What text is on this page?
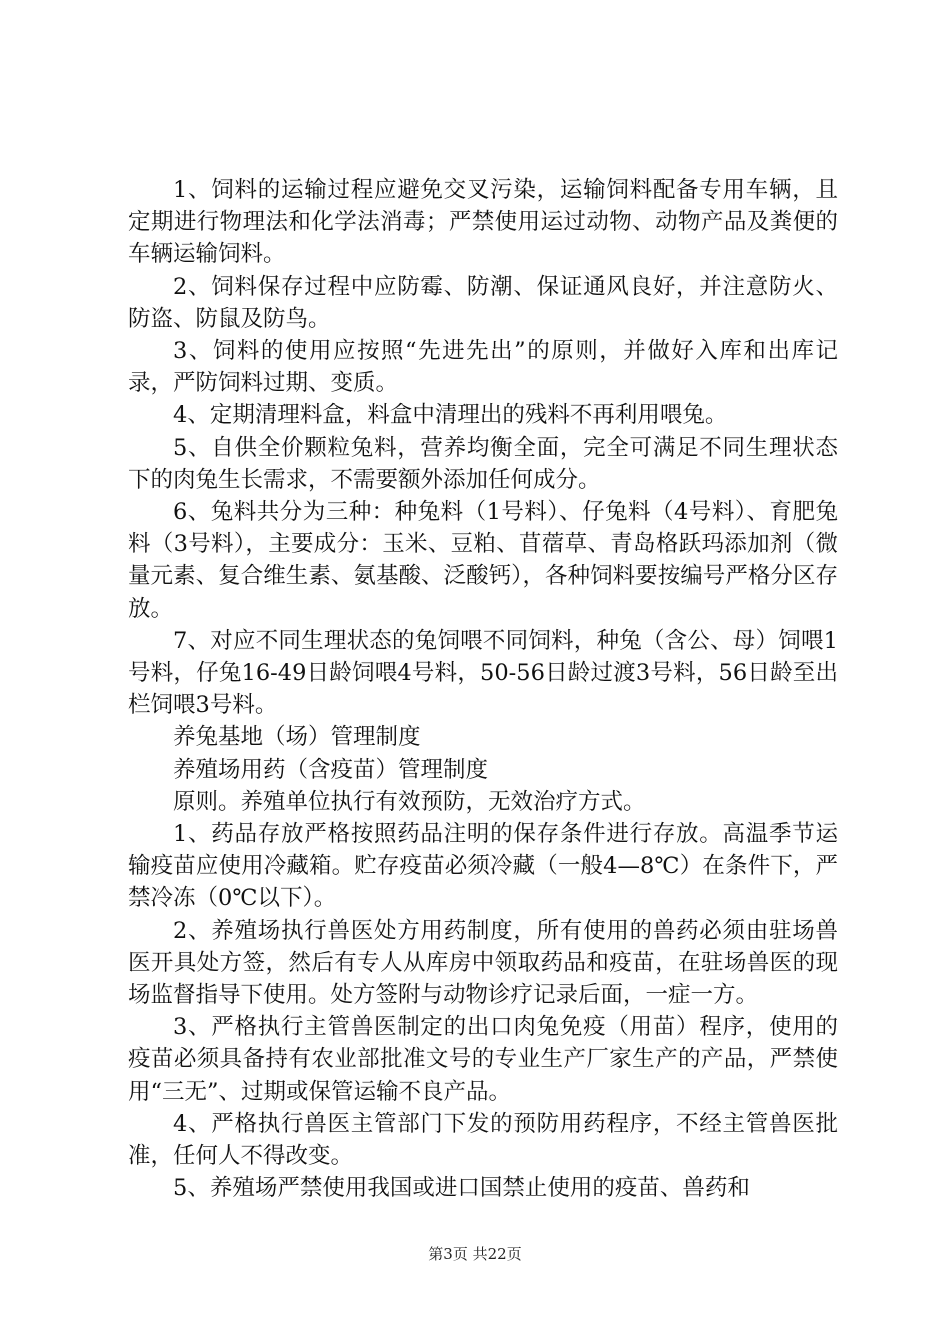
1、饲料的运输过程应避免交叉污染，运输饲料配备专用车辆，且定期进行物理法和化学法消毒；严禁使用运过动物、动物产品及粪便的车辆运输饲料。

2、饲料保存过程中应防霉、防潮、保证通风良好，并注意防火、防盗、防鼠及防鸟。

3、饲料的使用应按照“先进先出”的原则，并做好入库和出库记录，严防饲料过期、变质。

4、定期清理料盒，料盒中清理出的残料不再利用喂兔。

5、自供全价颗粒兔料，营养均衡全面，完全可满足不同生理状态下的肉兔生长需求，不需要额外添加任何成分。

6、兔料共分为三种：种兔料（1号料）、仔兔料（4号料）、育肥兔料（3号料），主要成分：玉米、豆粕、苜蓿草、青岛格跃玛添加剂（微量元素、复合维生素、氨基酸、泛酸钙），各种饲料要按编号严格分区存放。

7、对应不同生理状态的兔饲喂不同饲料，种兔（含公、母）饲喂1号料，仔兔16-49日龄饲喂4号料，50-56日龄过渡3号料，56日龄至出栏饲喂3号料。

养兔基地（场）管理制度

养殖场用药（含疫苗）管理制度

原则。养殖单位执行有效预防，无效治疗方式。

1、药品存放严格按照药品注明的保存条件进行存放。高温季节运输疫苗应使用冷藏箱。贮存疫苗必须冷藏（一般4—8℃）在条件下，严禁冷冻（0℃以下）。

2、养殖场执行兽医处方用药制度，所有使用的兽药必须由驻场兽医开具处方签，然后有专人从库房中领取药品和疫苗，在驻场兽医的现场监督指导下使用。处方签附与动物诊疗记录后面，一症一方。

3、严格执行主管兽医制定的出口肉兔免疫（用苗）程序，使用的疫苗必须具备持有农业部批准文号的专业生产厂家生产的产品，严禁使用“三无”、过期或保管运输不良产品。

4、严格执行兽医主管部门下发的预防用药程序，不经主管兽医批准，任何人不得改变。

5、养殖场严禁使用我国或进口国禁止使用的疫苗、兽药和

第3页 共22页
